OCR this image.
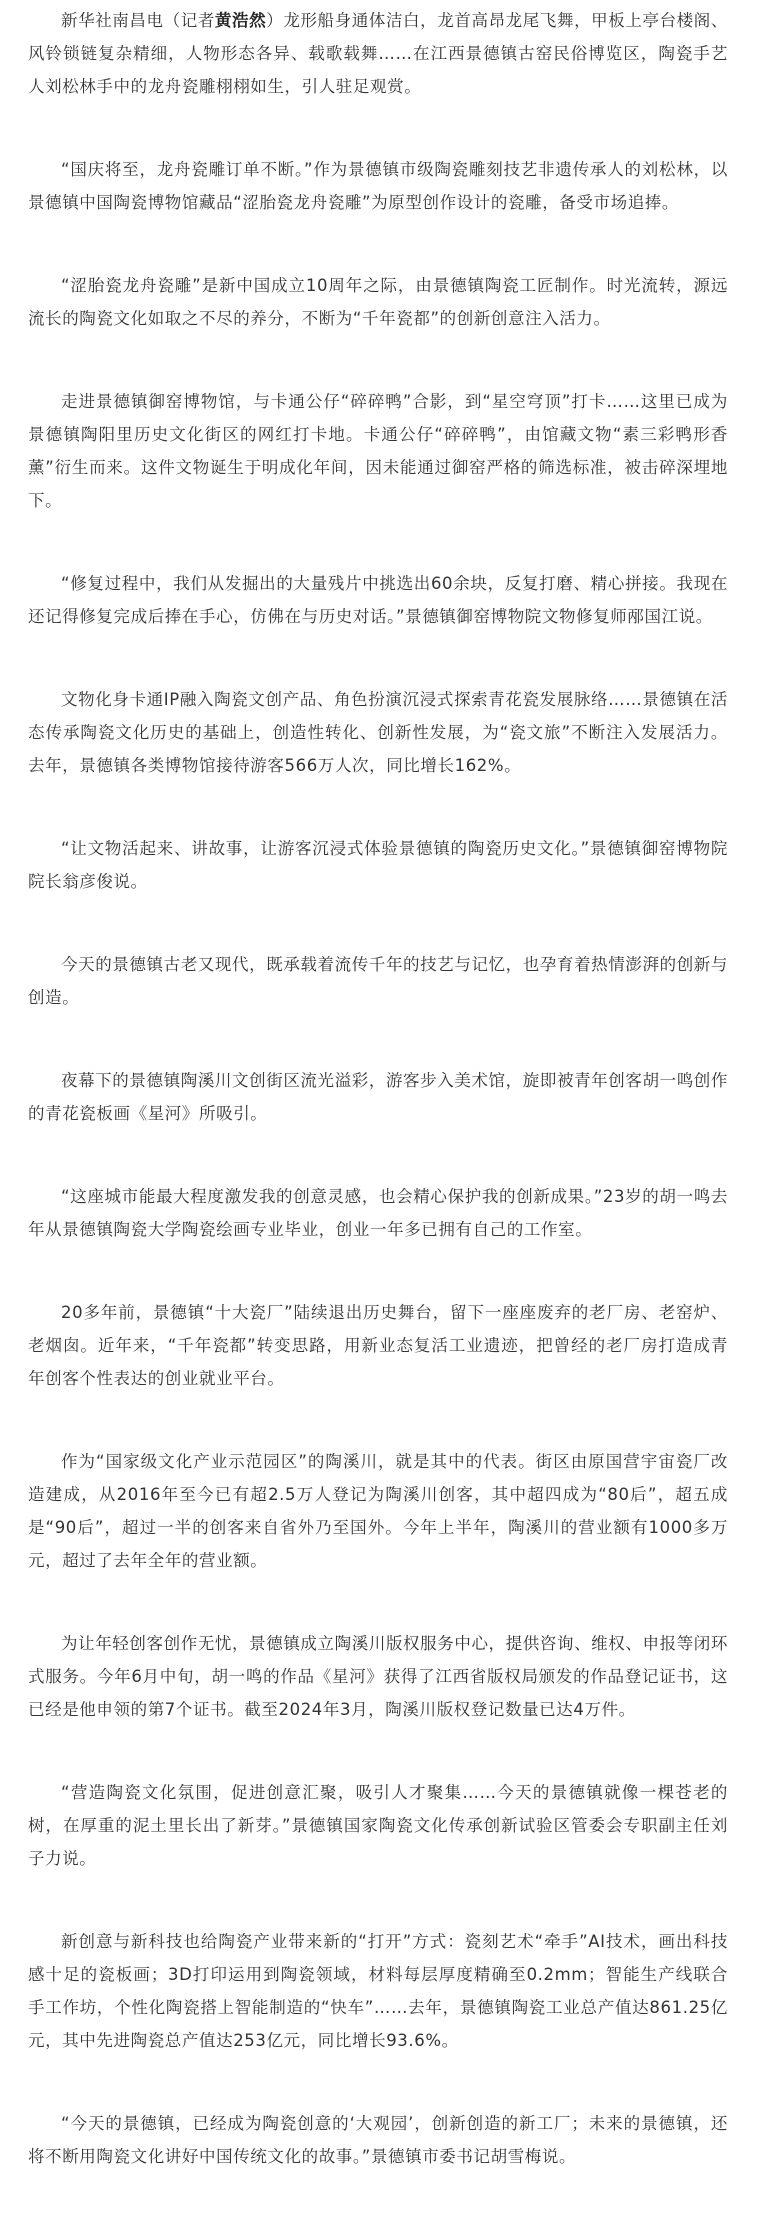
新华社南昌电（记者黄浩然）龙形船身通体洁白，龙首高昂龙尾飞舞，甲板上亭台楼阁、风铃锁链复杂精细，人物形态各异、载歌载舞……在江西景德镇古窑民俗博览区，陶瓷手艺人刘松林手中的龙舟瓷雕栩栩如生，引人驻足观赏。

“国庆将至，龙舟瓷雕订单不断。”作为景德镇市级陶瓷雕刻技艺非遗传承人的刘松林，以景德镇中国陶瓷博物馆藏品“涩胎瓷龙舟瓷雕”为原型创作设计的瓷雕，备受市场追捧。

“涩胎瓷龙舟瓷雕”是新中国成立10周年之际，由景德镇陶瓷工匠制作。时光流转，源远流长的陶瓷文化如取之不尽的养分，不断为“千年瓷都”的创新创意注入活力。

走进景德镇御窑博物馆，与卡通公仔“碎碎鸭”合影，到“星空穹顶”打卡……这里已成为景德镇陶阳里历史文化街区的网红打卡地。卡通公仔“碎碎鸭”，由馆藏文物“素三彩鸭形香薰”衍生而来。这件文物诞生于明成化年间，因未能通过御窑严格的筛选标准，被击碎深埋地下。

“修复过程中，我们从发掘出的大量残片中挑选出60余块，反复打磨、精心拼接。我现在还记得修复完成后捧在手心，仿佛在与历史对话。”景德镇御窑博物院文物修复师邴国江说。

文物化身卡通IP融入陶瓷文创产品、角色扮演沉浸式探索青花瓷发展脉络……景德镇在活态传承陶瓷文化历史的基础上，创造性转化、创新性发展，为“瓷文旅”不断注入发展活力。去年，景德镇各类博物馆接待游客566万人次，同比增长162%。

“让文物活起来、讲故事，让游客沉浸式体验景德镇的陶瓷历史文化。”景德镇御窑博物院院长翁彦俊说。

今天的景德镇古老又现代，既承载着流传千年的技艺与记忆，也孕育着热情澎湃的创新与创造。

夜幕下的景德镇陶溪川文创街区流光溢彩，游客步入美术馆，旋即被青年创客胡一鸣创作的青花瓷板画《星河》所吸引。

“这座城市能最大程度激发我的创意灵感，也会精心保护我的创新成果。”23岁的胡一鸣去年从景德镇陶瓷大学陶瓷绘画专业毕业，创业一年多已拥有自己的工作室。

20多年前，景德镇“十大瓷厂”陆续退出历史舞台，留下一座座废弃的老厂房、老窑炉、老烟囱。近年来，“千年瓷都”转变思路，用新业态复活工业遗迹，把曾经的老厂房打造成青年创客个性表达的创业就业平台。

作为“国家级文化产业示范园区”的陶溪川，就是其中的代表。街区由原国营宇宙瓷厂改造建成，从2016年至今已有超2.5万人登记为陶溪川创客，其中超四成为“80后”，超五成是“90后”，超过一半的创客来自省外乃至国外。今年上半年，陶溪川的营业额有1000多万元，超过了去年全年的营业额。

为让年轻创客创作无忧，景德镇成立陶溪川版权服务中心，提供咨询、维权、申报等闭环式服务。今年6月中旬，胡一鸣的作品《星河》获得了江西省版权局颁发的作品登记证书，这已经是他申领的第7个证书。截至2024年3月，陶溪川版权登记数量已达4万件。

“营造陶瓷文化氛围，促进创意汇聚，吸引人才聚集……今天的景德镇就像一棵苍老的树，在厚重的泥土里长出了新芽。”景德镇国家陶瓷文化传承创新试验区管委会专职副主任刘子力说。

新创意与新科技也给陶瓷产业带来新的“打开”方式：瓷刻艺术“牵手”AI技术，画出科技感十足的瓷板画；3D打印运用到陶瓷领域，材料每层厚度精确至0.2mm；智能生产线联合手工作坊，个性化陶瓷搭上智能制造的“快车”……去年，景德镇陶瓷工业总产值达861.25亿元，其中先进陶瓷总产值达253亿元，同比增长93.6%。

“今天的景德镇，已经成为陶瓷创意的‘大观园’，创新创造的新工厂；未来的景德镇，还将不断用陶瓷文化讲好中国传统文化的故事。”景德镇市委书记胡雪梅说。
